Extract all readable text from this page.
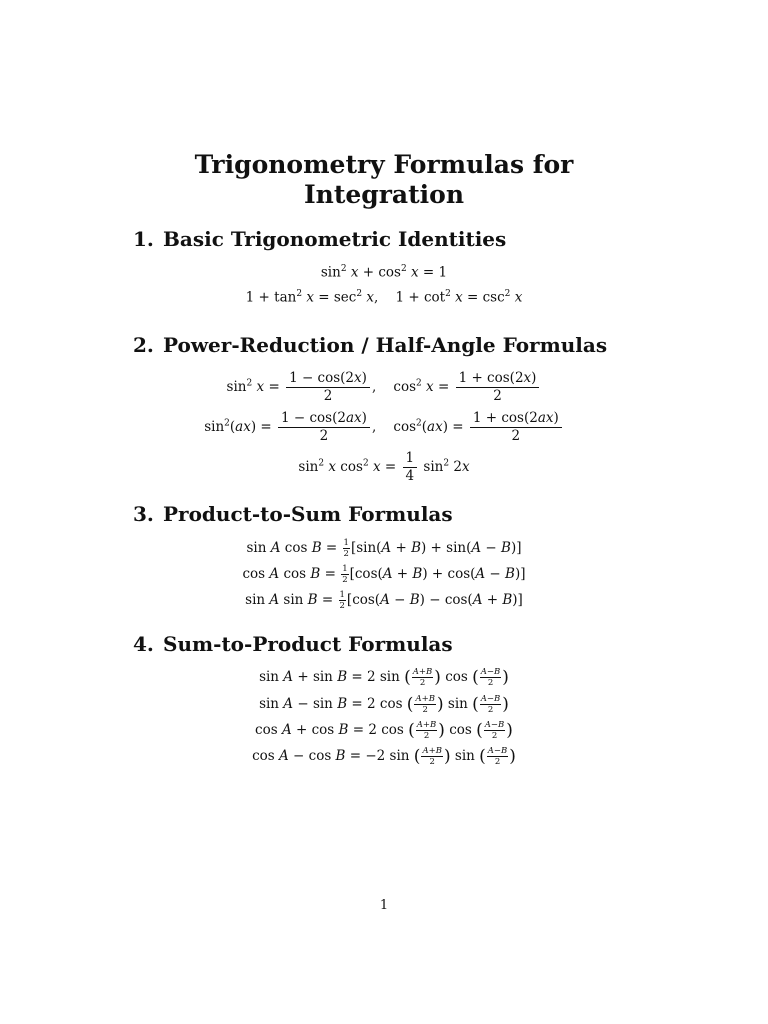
Trigonometry Formulas for
Integration
1. Basic Trigonometric Identities
$\sin^2 x + \cos^2 x = 1$
$1 + \tan^2 x = \sec^2 x$,    $1 + \cot^2 x = \csc^2 x$
2. Power-Reduction / Half-Angle Formulas
$\sin^2 x = \frac{1 - \cos(2x)}{2}$ ,    $\cos^2 x = \frac{1 + \cos(2x)}{2}$
$\sin^2(ax) = \frac{1 - \cos(2ax)}{2}$ ,    $\cos^2(ax) = \frac{1 + \cos(2ax)}{2}$
$\sin^2 x$ $\cos^2 x = \frac{1}{4} \sin^2 2x$
3. Product-to-Sum Formulas
sin A $\cos B = \frac{1}{2} [\sin(A + B) + \sin(A - B)]$
cos A $\cos B = \frac{1}{2} [\cos(A + B) + \cos(A - B)]$
sin A $\sin B = \frac{1}{2} [\cos(A - B) - \cos(A + B)]$
4. Sum-to-Product Formulas
sin A + sin B = 2 sin ( $\frac{A+B}{2}$ ) cos ( $\frac{A-B}{2}$ )
sin A − sin B = 2 cos ( $\frac{A+B}{2}$ ) sin ( $\frac{A-B}{2}$ )
cos A + cos B = 2 cos ( $\frac{A+B}{2}$ ) cos ( $\frac{A-B}{2}$ )
cos A − cos B = −2 sin ( $\frac{A+B}{2}$ ) sin ( $\frac{A-B}{2}$ )
1
